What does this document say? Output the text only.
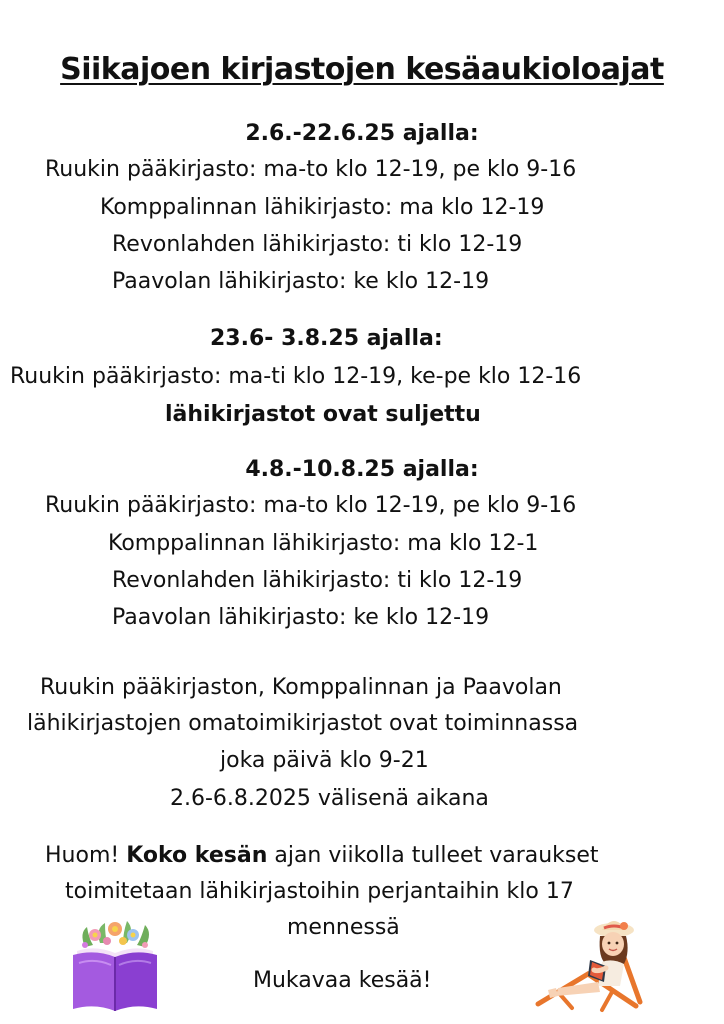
Siikajoen kirjastojen kesäaukioloajat
2.6.-22.6.25 ajalla:
Ruukin pääkirjasto: ma-to klo 12-19, pe klo 9-16
Komppalinnan lähikirjasto: ma klo 12-19
Revonlahden lähikirjasto: ti klo 12-19
Paavolan lähikirjasto: ke klo 12-19
23.6- 3.8.25 ajalla:
Ruukin pääkirjasto: ma-ti klo 12-19, ke-pe klo 12-16
lähikirjastot ovat suljettu
4.8.-10.8.25 ajalla:
Ruukin pääkirjasto: ma-to klo 12-19, pe klo 9-16
Komppalinnan lähikirjasto: ma klo 12-1
Revonlahden lähikirjasto: ti klo 12-19
Paavolan lähikirjasto: ke klo 12-19
Ruukin pääkirjaston, Komppalinnan ja Paavolan
lähikirjastojen omatoimikirjastot ovat toiminnassa
joka päivä klo 9-21
2.6-6.8.2025 välisenä aikana
Huom! Koko kesän ajan viikolla tulleet varaukset
toimitetaan lähikirjastoihin perjantaihin klo 17
mennessä
Mukavaa kesää!
